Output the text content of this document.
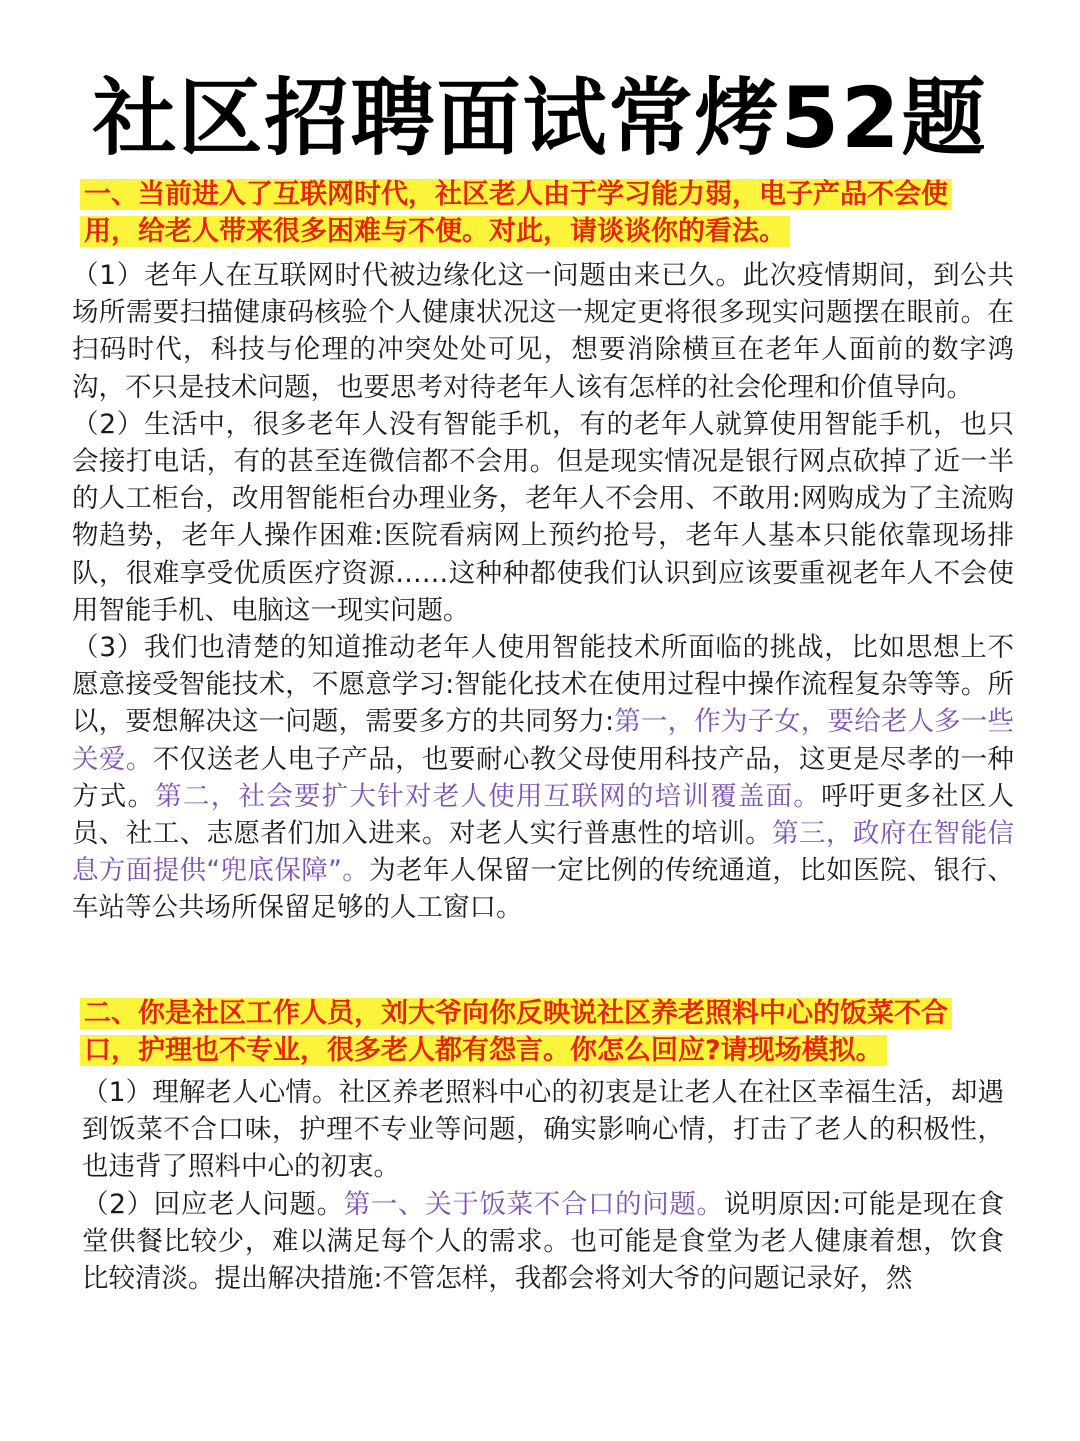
社区招聘面试常烤52题

一、当前进入了互联网时代，社区老人由于学习能力弱，电子产品不会使用，给老人带来很多困难与不便。对此，请谈谈你的看法。

（1）老年人在互联网时代被边缘化这一问题由来已久。此次疫情期间，到公共场所需要扫描健康码核验个人健康状况这一规定更将很多现实问题摆在眼前。在扫码时代，科技与伦理的冲突处处可见，想要消除横亘在老年人面前的数字鸿沟，不只是技术问题，也要思考对待老年人该有怎样的社会伦理和价值导向。

（2）生活中，很多老年人没有智能手机，有的老年人就算使用智能手机，也只会接打电话，有的甚至连微信都不会用。但是现实情况是银行网点砍掉了近一半的人工柜台，改用智能柜台办理业务，老年人不会用、不敢用:网购成为了主流购物趋势，老年人操作困难:医院看病网上预约抢号，老年人基本只能依靠现场排队，很难享受优质医疗资源……这种种都使我们认识到应该要重视老年人不会使用智能手机、电脑这一现实问题。

（3）我们也清楚的知道推动老年人使用智能技术所面临的挑战，比如思想上不愿意接受智能技术，不愿意学习:智能化技术在使用过程中操作流程复杂等等。所以，要想解决这一问题，需要多方的共同努力:第一，作为子女，要给老人多一些关爱。不仅送老人电子产品，也要耐心教父母使用科技产品，这更是尽孝的一种方式。第二，社会要扩大针对老人使用互联网的培训覆盖面。呼吁更多社区人员、社工、志愿者们加入进来。对老人实行普惠性的培训。第三，政府在智能信息方面提供“兜底保障”。为老年人保留一定比例的传统通道，比如医院、银行、车站等公共场所保留足够的人工窗口。

二、你是社区工作人员，刘大爷向你反映说社区养老照料中心的饭菜不合口，护理也不专业，很多老人都有怨言。你怎么回应?请现场模拟。

（1）理解老人心情。社区养老照料中心的初衷是让老人在社区幸福生活，却遇到饭菜不合口味，护理不专业等问题，确实影响心情，打击了老人的积极性，也违背了照料中心的初衷。

（2）回应老人问题。第一、关于饭菜不合口的问题。说明原因:可能是现在食堂供餐比较少，难以满足每个人的需求。也可能是食堂为老人健康着想，饮食比较清淡。提出解决措施:不管怎样，我都会将刘大爷的问题记录好，然
